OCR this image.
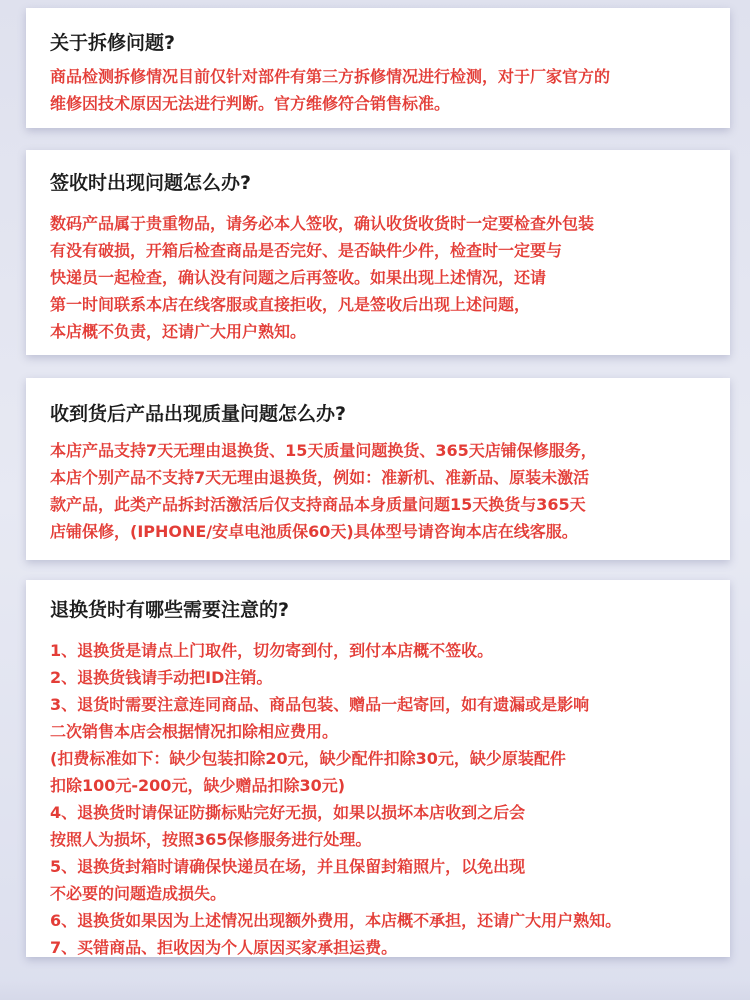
关于拆修问题?
商品检测拆修情况目前仅针对部件有第三方拆修情况进行检测，对于厂家官方的
维修因技术原因无法进行判断。官方维修符合销售标准。
签收时出现问题怎么办?
数码产品属于贵重物品，请务必本人签收，确认收货收货时一定要检查外包装
有没有破损，开箱后检查商品是否完好、是否缺件少件，检查时一定要与
快递员一起检查，确认没有问题之后再签收。如果出现上述情况，还请
第一时间联系本店在线客服或直接拒收，凡是签收后出现上述问题，
本店概不负责，还请广大用户熟知。
收到货后产品出现质量问题怎么办?
本店产品支持7天无理由退换货、15天质量问题换货、365天店铺保修服务，
本店个别产品不支持7天无理由退换货，例如：准新机、准新品、原装未激活
款产品，此类产品拆封活激活后仅支持商品本身质量问题15天换货与365天
店铺保修，(IPHONE/安卓电池质保60天)具体型号请咨询本店在线客服。
退换货时有哪些需要注意的?
1、退换货是请点上门取件，切勿寄到付，到付本店概不签收。
2、退换货钱请手动把ID注销。
3、退货时需要注意连同商品、商品包装、赠品一起寄回，如有遗漏或是影响
二次销售本店会根据情况扣除相应费用。
(扣费标准如下：缺少包装扣除20元，缺少配件扣除30元，缺少原装配件
扣除100元-200元，缺少赠品扣除30元)
4、退换货时请保证防撕标贴完好无损，如果以损坏本店收到之后会
按照人为损坏，按照365保修服务进行处理。
5、退换货封箱时请确保快递员在场，并且保留封箱照片，以免出现
不必要的问题造成损失。
6、退换货如果因为上述情况出现额外费用，本店概不承担，还请广大用户熟知。
7、买错商品、拒收因为个人原因买家承担运费。
